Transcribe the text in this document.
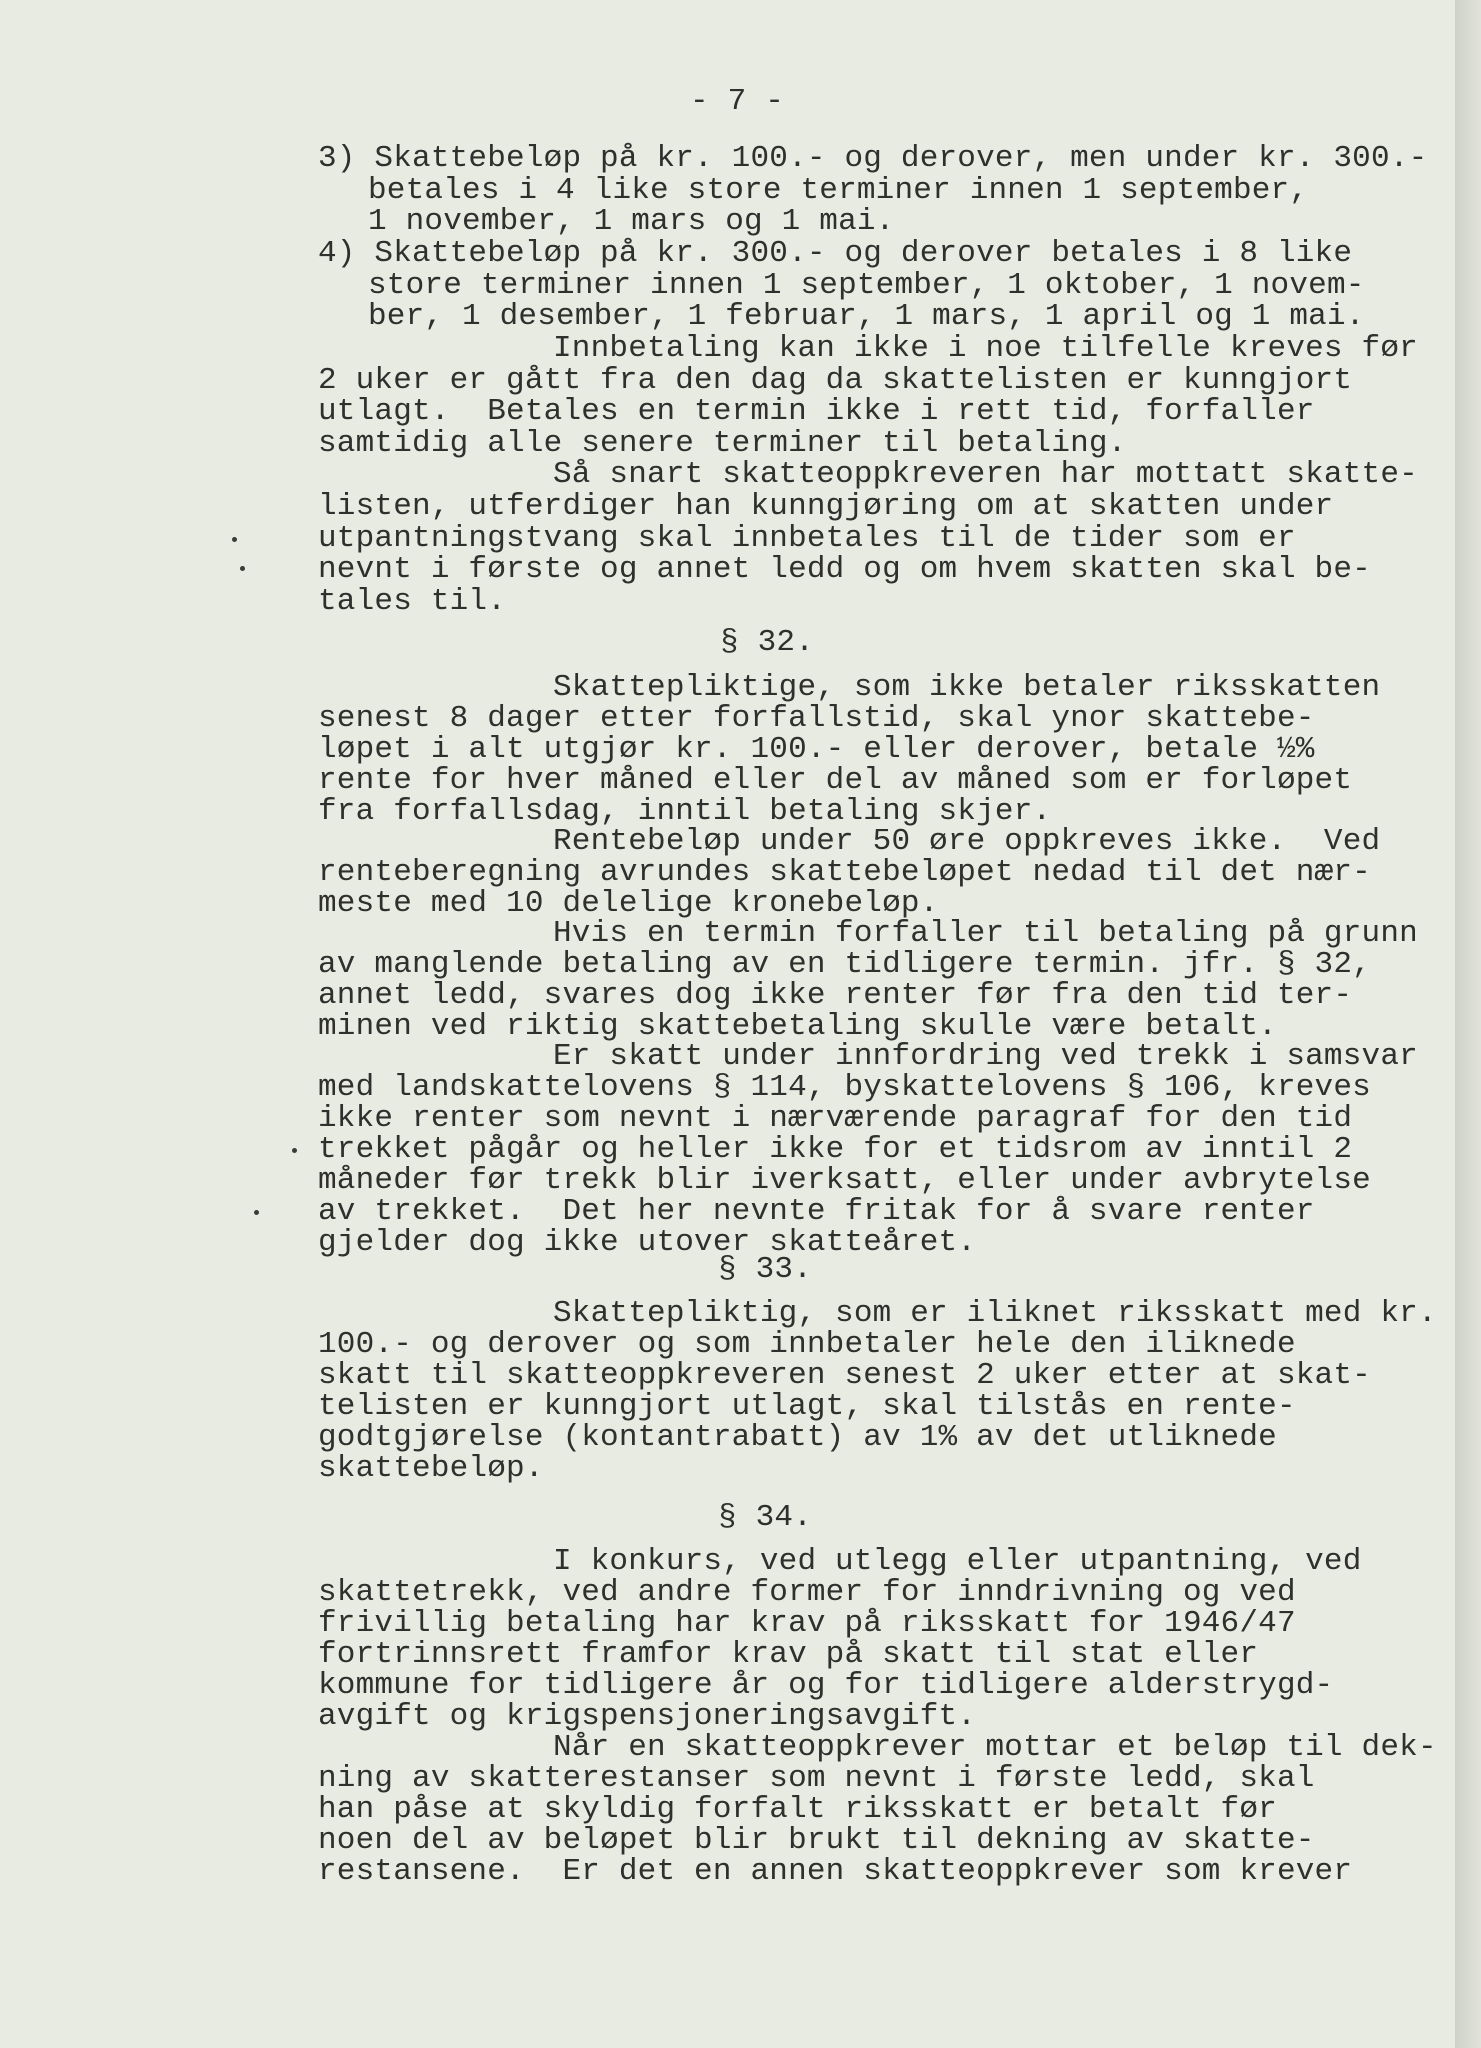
- 7 -
3) Skattebeløp på kr. 100.- og derover, men under kr. 300.-
betales i 4 like store terminer innen 1 september,
1 november, 1 mars og 1 mai.
4) Skattebeløp på kr. 300.- og derover betales i 8 like
store terminer innen 1 september, 1 oktober, 1 novem-
ber, 1 desember, 1 februar, 1 mars, 1 april og 1 mai.
Innbetaling kan ikke i noe tilfelle kreves før
2 uker er gått fra den dag da skattelisten er kunngjort
utlagt.  Betales en termin ikke i rett tid, forfaller
samtidig alle senere terminer til betaling.
Så snart skatteoppkreveren har mottatt skatte-
listen, utferdiger han kunngjøring om at skatten under
utpantningstvang skal innbetales til de tider som er
nevnt i første og annet ledd og om hvem skatten skal be-
tales til.
§ 32.
Skattepliktige, som ikke betaler riksskatten
senest 8 dager etter forfallstid, skal ynor skattebe-
løpet i alt utgjør kr. 100.- eller derover, betale ½%
rente for hver måned eller del av måned som er forløpet
fra forfallsdag, inntil betaling skjer.
Rentebeløp under 50 øre oppkreves ikke.  Ved
renteberegning avrundes skattebeløpet nedad til det nær-
meste med 10 delelige kronebeløp.
Hvis en termin forfaller til betaling på grunn
av manglende betaling av en tidligere termin. jfr. § 32,
annet ledd, svares dog ikke renter før fra den tid ter-
minen ved riktig skattebetaling skulle være betalt.
Er skatt under innfordring ved trekk i samsvar
med landskattelovens § 114, byskattelovens § 106, kreves
ikke renter som nevnt i nærværende paragraf for den tid
trekket pågår og heller ikke for et tidsrom av inntil 2
måneder før trekk blir iverksatt, eller under avbrytelse
av trekket.  Det her nevnte fritak for å svare renter
gjelder dog ikke utover skatteåret.
§ 33.
Skattepliktig, som er iliknet riksskatt med kr.
100.- og derover og som innbetaler hele den iliknede
skatt til skatteoppkreveren senest 2 uker etter at skat-
telisten er kunngjort utlagt, skal tilstås en rente-
godtgjørelse (kontantrabatt) av 1% av det utliknede
skattebeløp.
§ 34.
I konkurs, ved utlegg eller utpantning, ved
skattetrekk, ved andre former for inndrivning og ved
frivillig betaling har krav på riksskatt for 1946/47
fortrinnsrett framfor krav på skatt til stat eller
kommune for tidligere år og for tidligere alderstrygd-
avgift og krigspensjoneringsavgift.
Når en skatteoppkrever mottar et beløp til dek-
ning av skatterestanser som nevnt i første ledd, skal
han påse at skyldig forfalt riksskatt er betalt før
noen del av beløpet blir brukt til dekning av skatte-
restansene.  Er det en annen skatteoppkrever som krever
